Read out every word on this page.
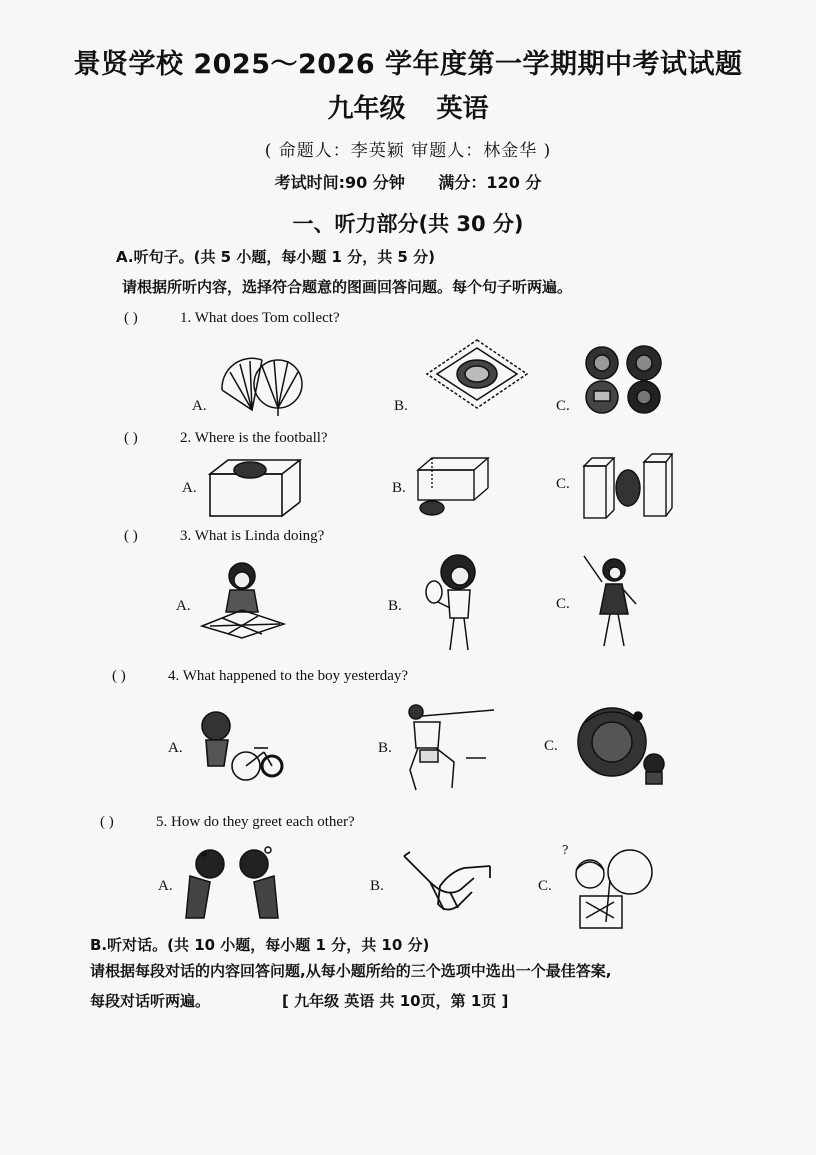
景贤学校 2025～2026 学年度第一学期期中考试试题
九年级 英语
( 命题人：李英颖 审题人：林金华 )
考试时间:90 分钟 满分：120 分
一、听力部分(共 30 分)
A.听句子。(共 5 小题，每小题 1 分，共 5 分)
请根据所听内容，选择符合题意的图画回答问题。每个句子听两遍。
( )	1. What does Tom collect?
A.	B.	C.
( )	2. Where is the football?
A.	B.	C.
( )	3. What is Linda doing?
A.	B.	C.
( )	4. What happened to the boy yesterday?
A.	B.	C.
( )	5. How do they greet each other?
A.	B.	C.
?
B.听对话。(共 10 小题，每小题 1 分，共 10 分)
请根据每段对话的内容回答问题,从每小题所给的三个选项中选出一个最佳答案,
每段对话听两遍。	[ 九年级 英语 共 10页，第 1页 ]
